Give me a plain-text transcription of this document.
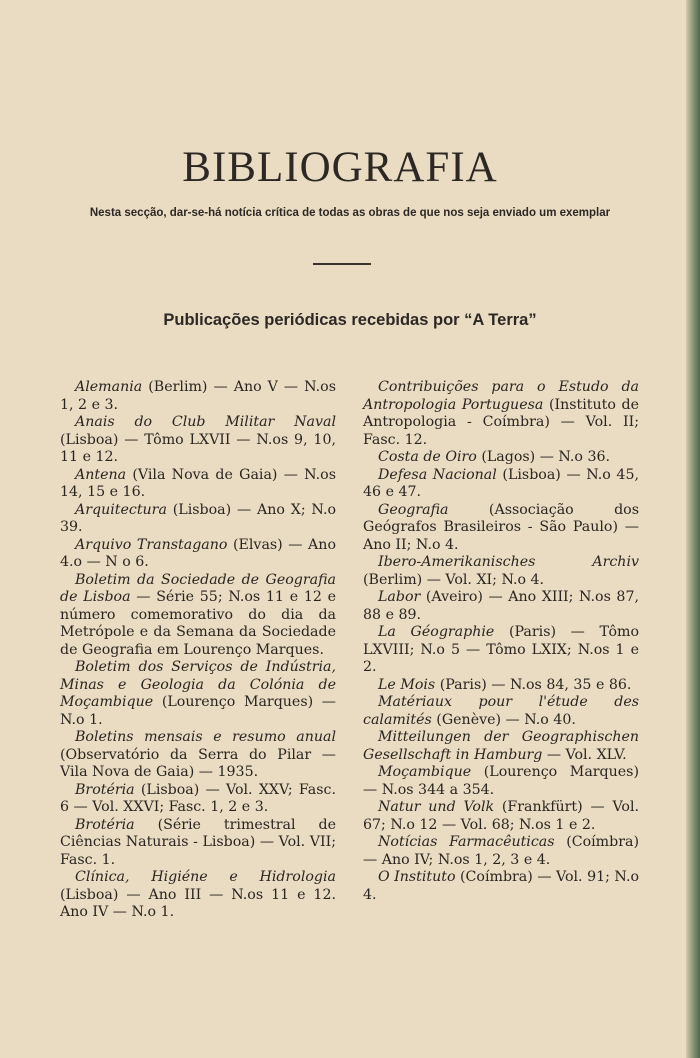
BIBLIOGRAFIA
Nesta secção, dar-se-há notícia crítica de todas as obras de que nos seja enviado um exemplar
Publicações periódicas recebidas por “A Terra”

Alemania (Berlim) — Ano V — N.os 1, 2 e 3.

Anais do Club Militar Naval (Lisboa) — Tômo LXVII — N.os 9, 10, 11 e 12.

Antena (Vila Nova de Gaia) — N.os 14, 15 e 16.

Arquitectura (Lisboa) — Ano X; N.o 39.

Arquivo Transtagano (Elvas) — Ano 4.o — N o 6.

Boletim da Sociedade de Geografia de Lisboa — Série 55; N.os 11 e 12 e número comemorativo do dia da Metrópole e da Semana da Sociedade de Geografia em Lourenço Marques.

Boletim dos Serviços de Indústria, Minas e Geologia da Colónia de Moçambique (Lourenço Marques) — N.o 1.

Boletins mensais e resumo anual (Observatório da Serra do Pilar — Vila Nova de Gaia) — 1935.

Brotéria (Lisboa) — Vol. XXV; Fasc. 6 — Vol. XXVI; Fasc. 1, 2 e 3.

Brotéria (Série trimestral de Ciências Naturais - Lisboa) — Vol. VII; Fasc. 1.

Clínica, Higiéne e Hidrologia (Lisboa) — Ano III — N.os 11 e 12. Ano IV — N.o 1.

Contribuições para o Estudo da Antropologia Portuguesa (Instituto de Antropologia - Coímbra) — Vol. II; Fasc. 12.

Costa de Oiro (Lagos) — N.o 36.

Defesa Nacional (Lisboa) — N.o 45, 46 e 47.

Geografia (Associação dos Geógrafos Brasileiros - São Paulo) — Ano II; N.o 4.

Ibero-Amerikanisches Archiv (Berlim) — Vol. XI; N.o 4.

Labor (Aveiro) — Ano XIII; N.os 87, 88 e 89.

La Géographie (Paris) — Tômo LXVIII; N.o 5 — Tômo LXIX; N.os 1 e 2.

Le Mois (Paris) — N.os 84, 35 e 86.

Matériaux pour l'étude des calamités (Genève) — N.o 40.

Mitteilungen der Geographischen Gesellschaft in Hamburg — Vol. XLV.

Moçambique (Lourenço Marques) — N.os 344 a 354.

Natur und Volk (Frankfürt) — Vol. 67; N.o 12 — Vol. 68; N.os 1 e 2.

Notícias Farmacêuticas (Coímbra) — Ano IV; N.os 1, 2, 3 e 4.

O Instituto (Coímbra) — Vol. 91; N.o 4.
